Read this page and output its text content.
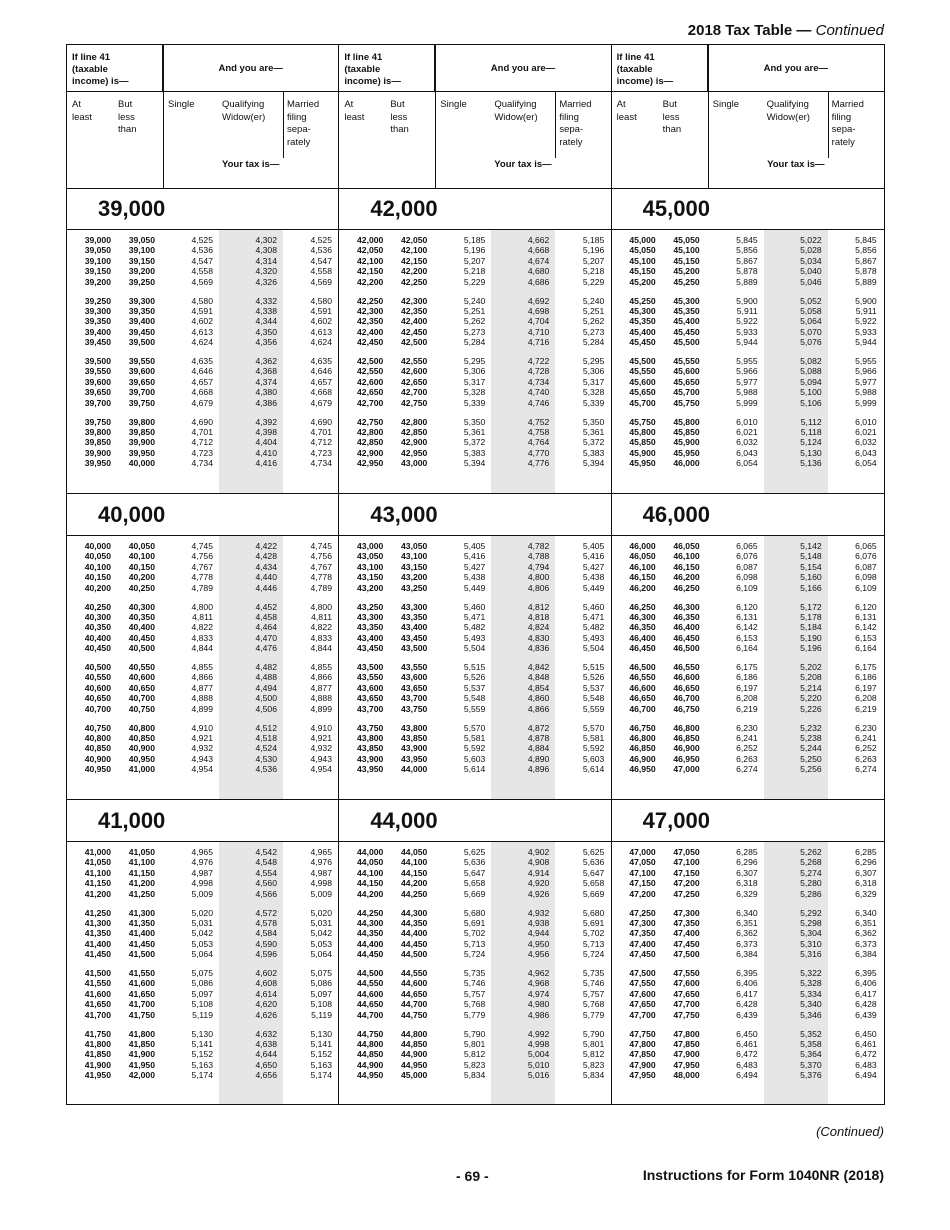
2018 Tax Table — Continued
If line 41
(taxable
income) is—
And you are—
At
least
But
less
than
Single	Qualifying
Widow(er)
Married
filing
sepa-
rately
Your tax is—
39,000
39,000	39,050	4,525	4,302	4,525
39,050	39,100	4,536	4,308	4,536
39,100	39,150	4,547	4,314	4,547
39,150	39,200	4,558	4,320	4,558
39,200	39,250	4,569	4,326	4,569
39,250	39,300	4,580	4,332	4,580
39,300	39,350	4,591	4,338	4,591
39,350	39,400	4,602	4,344	4,602
39,400	39,450	4,613	4,350	4,613
39,450	39,500	4,624	4,356	4,624
39,500	39,550	4,635	4,362	4,635
39,550	39,600	4,646	4,368	4,646
39,600	39,650	4,657	4,374	4,657
39,650	39,700	4,668	4,380	4,668
39,700	39,750	4,679	4,386	4,679
39,750	39,800	4,690	4,392	4,690
39,800	39,850	4,701	4,398	4,701
39,850	39,900	4,712	4,404	4,712
39,900	39,950	4,723	4,410	4,723
39,950	40,000	4,734	4,416	4,734
40,000
40,000	40,050	4,745	4,422	4,745
40,050	40,100	4,756	4,428	4,756
40,100	40,150	4,767	4,434	4,767
40,150	40,200	4,778	4,440	4,778
40,200	40,250	4,789	4,446	4,789
40,250	40,300	4,800	4,452	4,800
40,300	40,350	4,811	4,458	4,811
40,350	40,400	4,822	4,464	4,822
40,400	40,450	4,833	4,470	4,833
40,450	40,500	4,844	4,476	4,844
40,500	40,550	4,855	4,482	4,855
40,550	40,600	4,866	4,488	4,866
40,600	40,650	4,877	4,494	4,877
40,650	40,700	4,888	4,500	4,888
40,700	40,750	4,899	4,506	4,899
40,750	40,800	4,910	4,512	4,910
40,800	40,850	4,921	4,518	4,921
40,850	40,900	4,932	4,524	4,932
40,900	40,950	4,943	4,530	4,943
40,950	41,000	4,954	4,536	4,954
41,000
41,000	41,050	4,965	4,542	4,965
41,050	41,100	4,976	4,548	4,976
41,100	41,150	4,987	4,554	4,987
41,150	41,200	4,998	4,560	4,998
41,200	41,250	5,009	4,566	5,009
41,250	41,300	5,020	4,572	5,020
41,300	41,350	5,031	4,578	5,031
41,350	41,400	5,042	4,584	5,042
41,400	41,450	5,053	4,590	5,053
41,450	41,500	5,064	4,596	5,064
41,500	41,550	5,075	4,602	5,075
41,550	41,600	5,086	4,608	5,086
41,600	41,650	5,097	4,614	5,097
41,650	41,700	5,108	4,620	5,108
41,700	41,750	5,119	4,626	5,119
41,750	41,800	5,130	4,632	5,130
41,800	41,850	5,141	4,638	5,141
41,850	41,900	5,152	4,644	5,152
41,900	41,950	5,163	4,650	5,163
41,950	42,000	5,174	4,656	5,174
If line 41
(taxable
income) is—
And you are—
At
least
But
less
than
Single	Qualifying
Widow(er)
Married
filing
sepa-
rately
Your tax is—
42,000
42,000	42,050	5,185	4,662	5,185
42,050	42,100	5,196	4,668	5,196
42,100	42,150	5,207	4,674	5,207
42,150	42,200	5,218	4,680	5,218
42,200	42,250	5,229	4,686	5,229
42,250	42,300	5,240	4,692	5,240
42,300	42,350	5,251	4,698	5,251
42,350	42,400	5,262	4,704	5,262
42,400	42,450	5,273	4,710	5,273
42,450	42,500	5,284	4,716	5,284
42,500	42,550	5,295	4,722	5,295
42,550	42,600	5,306	4,728	5,306
42,600	42,650	5,317	4,734	5,317
42,650	42,700	5,328	4,740	5,328
42,700	42,750	5,339	4,746	5,339
42,750	42,800	5,350	4,752	5,350
42,800	42,850	5,361	4,758	5,361
42,850	42,900	5,372	4,764	5,372
42,900	42,950	5,383	4,770	5,383
42,950	43,000	5,394	4,776	5,394
43,000
43,000	43,050	5,405	4,782	5,405
43,050	43,100	5,416	4,788	5,416
43,100	43,150	5,427	4,794	5,427
43,150	43,200	5,438	4,800	5,438
43,200	43,250	5,449	4,806	5,449
43,250	43,300	5,460	4,812	5,460
43,300	43,350	5,471	4,818	5,471
43,350	43,400	5,482	4,824	5,482
43,400	43,450	5,493	4,830	5,493
43,450	43,500	5,504	4,836	5,504
43,500	43,550	5,515	4,842	5,515
43,550	43,600	5,526	4,848	5,526
43,600	43,650	5,537	4,854	5,537
43,650	43,700	5,548	4,860	5,548
43,700	43,750	5,559	4,866	5,559
43,750	43,800	5,570	4,872	5,570
43,800	43,850	5,581	4,878	5,581
43,850	43,900	5,592	4,884	5,592
43,900	43,950	5,603	4,890	5,603
43,950	44,000	5,614	4,896	5,614
44,000
44,000	44,050	5,625	4,902	5,625
44,050	44,100	5,636	4,908	5,636
44,100	44,150	5,647	4,914	5,647
44,150	44,200	5,658	4,920	5,658
44,200	44,250	5,669	4,926	5,669
44,250	44,300	5,680	4,932	5,680
44,300	44,350	5,691	4,938	5,691
44,350	44,400	5,702	4,944	5,702
44,400	44,450	5,713	4,950	5,713
44,450	44,500	5,724	4,956	5,724
44,500	44,550	5,735	4,962	5,735
44,550	44,600	5,746	4,968	5,746
44,600	44,650	5,757	4,974	5,757
44,650	44,700	5,768	4,980	5,768
44,700	44,750	5,779	4,986	5,779
44,750	44,800	5,790	4,992	5,790
44,800	44,850	5,801	4,998	5,801
44,850	44,900	5,812	5,004	5,812
44,900	44,950	5,823	5,010	5,823
44,950	45,000	5,834	5,016	5,834
If line 41
(taxable
income) is—
And you are—
At
least
But
less
than
Single	Qualifying
Widow(er)
Married
filing
sepa-
rately
Your tax is—
45,000
45,000	45,050	5,845	5,022	5,845
45,050	45,100	5,856	5,028	5,856
45,100	45,150	5,867	5,034	5,867
45,150	45,200	5,878	5,040	5,878
45,200	45,250	5,889	5,046	5,889
45,250	45,300	5,900	5,052	5,900
45,300	45,350	5,911	5,058	5,911
45,350	45,400	5,922	5,064	5,922
45,400	45,450	5,933	5,070	5,933
45,450	45,500	5,944	5,076	5,944
45,500	45,550	5,955	5,082	5,955
45,550	45,600	5,966	5,088	5,966
45,600	45,650	5,977	5,094	5,977
45,650	45,700	5,988	5,100	5,988
45,700	45,750	5,999	5,106	5,999
45,750	45,800	6,010	5,112	6,010
45,800	45,850	6,021	5,118	6,021
45,850	45,900	6,032	5,124	6,032
45,900	45,950	6,043	5,130	6,043
45,950	46,000	6,054	5,136	6,054
46,000
46,000	46,050	6,065	5,142	6,065
46,050	46,100	6,076	5,148	6,076
46,100	46,150	6,087	5,154	6,087
46,150	46,200	6,098	5,160	6,098
46,200	46,250	6,109	5,166	6,109
46,250	46,300	6,120	5,172	6,120
46,300	46,350	6,131	5,178	6,131
46,350	46,400	6,142	5,184	6,142
46,400	46,450	6,153	5,190	6,153
46,450	46,500	6,164	5,196	6,164
46,500	46,550	6,175	5,202	6,175
46,550	46,600	6,186	5,208	6,186
46,600	46,650	6,197	5,214	6,197
46,650	46,700	6,208	5,220	6,208
46,700	46,750	6,219	5,226	6,219
46,750	46,800	6,230	5,232	6,230
46,800	46,850	6,241	5,238	6,241
46,850	46,900	6,252	5,244	6,252
46,900	46,950	6,263	5,250	6,263
46,950	47,000	6,274	5,256	6,274
47,000
47,000	47,050	6,285	5,262	6,285
47,050	47,100	6,296	5,268	6,296
47,100	47,150	6,307	5,274	6,307
47,150	47,200	6,318	5,280	6,318
47,200	47,250	6,329	5,286	6,329
47,250	47,300	6,340	5,292	6,340
47,300	47,350	6,351	5,298	6,351
47,350	47,400	6,362	5,304	6,362
47,400	47,450	6,373	5,310	6,373
47,450	47,500	6,384	5,316	6,384
47,500	47,550	6,395	5,322	6,395
47,550	47,600	6,406	5,328	6,406
47,600	47,650	6,417	5,334	6,417
47,650	47,700	6,428	5,340	6,428
47,700	47,750	6,439	5,346	6,439
47,750	47,800	6,450	5,352	6,450
47,800	47,850	6,461	5,358	6,461
47,850	47,900	6,472	5,364	6,472
47,900	47,950	6,483	5,370	6,483
47,950	48,000	6,494	5,376	6,494
(Continued)
- 69 -	Instructions for Form 1040NR (2018)
